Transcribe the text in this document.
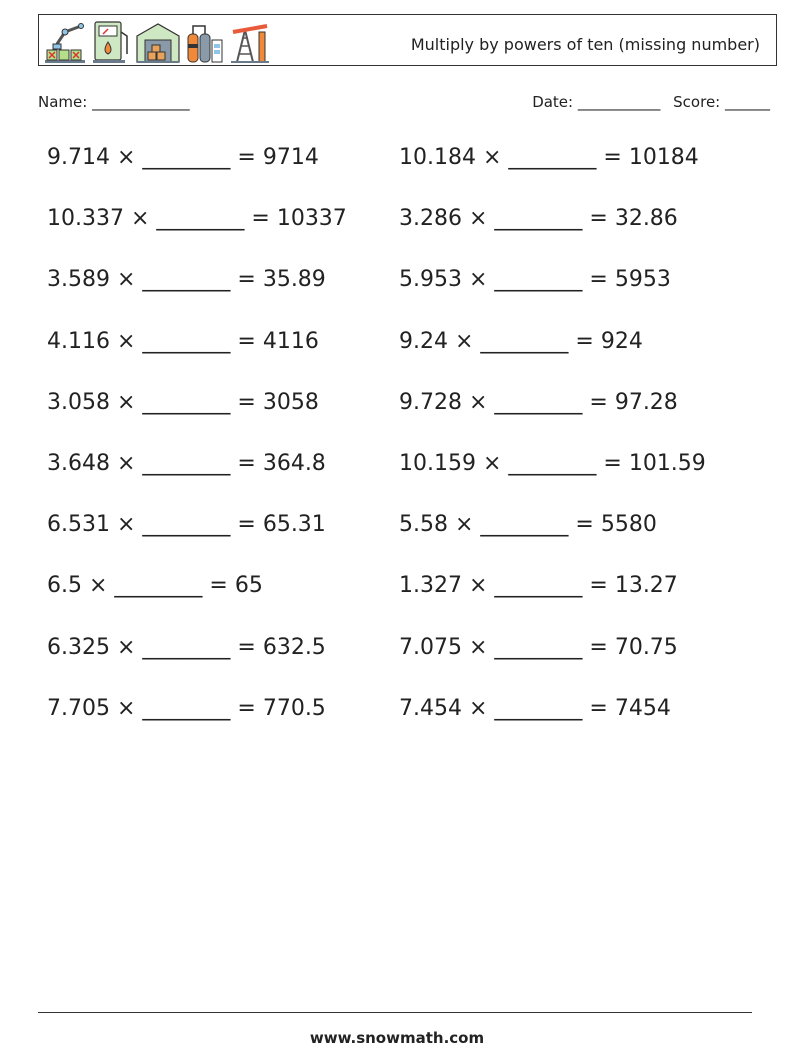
Multiply by powers of ten (missing number)
Name: _____________	Date: ___________ Score: ______
9.714 × ________ = 9714	10.184 × ________ = 10184
10.337 × ________ = 10337	3.286 × ________ = 32.86
3.589 × ________ = 35.89	5.953 × ________ = 5953
4.116 × ________ = 4116	9.24 × ________ = 924
3.058 × ________ = 3058	9.728 × ________ = 97.28
3.648 × ________ = 364.8	10.159 × ________ = 101.59
6.531 × ________ = 65.31	5.58 × ________ = 5580
6.5 × ________ = 65	1.327 × ________ = 13.27
6.325 × ________ = 632.5	7.075 × ________ = 70.75
7.705 × ________ = 770.5	7.454 × ________ = 7454
www.snowmath.com
